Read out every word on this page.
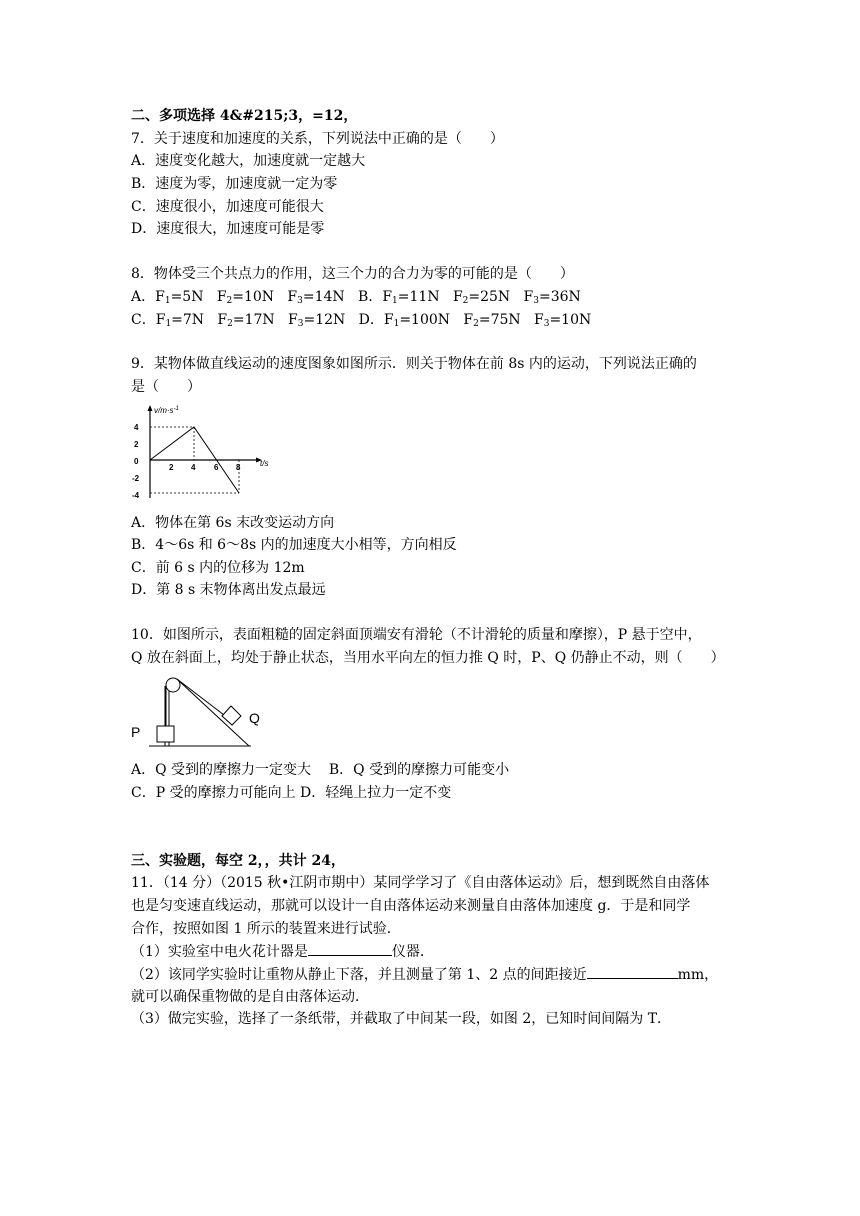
二、多项选择 4&#215;3，=12，
7．关于速度和加速度的关系，下列说法中正确的是（　　）
A．速度变化越大，加速度就一定越大
B．速度为零，加速度就一定为零
C．速度很小，加速度可能很大
D．速度很大，加速度可能是零
8．物体受三个共点力的作用，这三个力的合力为零的可能的是（　　）
A．$F_1=5N$ $F_2=10N$ $F_3=14N$ B．$F_1=11N$ $F_2=25N$ $F_3=36N$
C．$F_1=7N$ $F_2=17N$ $F_3=12N$ D．$F_1=100N$ $F_2=75N$ $F_3=10N$
9．某物体做直线运动的速度图象如图所示．则关于物体在前 8s 内的运动，下列说法正确的
是（　　）
$v/m\cdot s^{-1}$
t/s
4
2
0
-2
-4
2 4 6 8
A．物体在第 6s 末改变运动方向
B．4～6s 和 6～8s 内的加速度大小相等，方向相反
C．前 6 s 内的位移为 12m
D．第 8 s 末物体离出发点最远
10．如图所示，表面粗糙的固定斜面顶端安有滑轮（不计滑轮的质量和摩擦），P 悬于空中，
Q 放在斜面上，均处于静止状态，当用水平向左的恒力推 Q 时，P、Q 仍静止不动，则（　　）
P
Q
A．Q 受到的摩擦力一定变大 B．Q 受到的摩擦力可能变小
C．P 受的摩擦力可能向上 D．轻绳上拉力一定不变
三、实验题，每空 2，，共计 24，
11．（14 分）（2015 秋•江阴市期中）某同学学习了《自由落体运动》后，想到既然自由落体
也是匀变速直线运动，那就可以设计一自由落体运动来测量自由落体加速度 g．于是和同学
合作，按照如图 1 所示的装置来进行试验．
（1）实验室中电火花计器是	仪器．
（2）该同学实验时让重物从静止下落，并且测量了第 1、2 点的间距接近	mm，
就可以确保重物做的是自由落体运动．
（3）做完实验，选择了一条纸带，并截取了中间某一段，如图 2，已知时间间隔为 T．
